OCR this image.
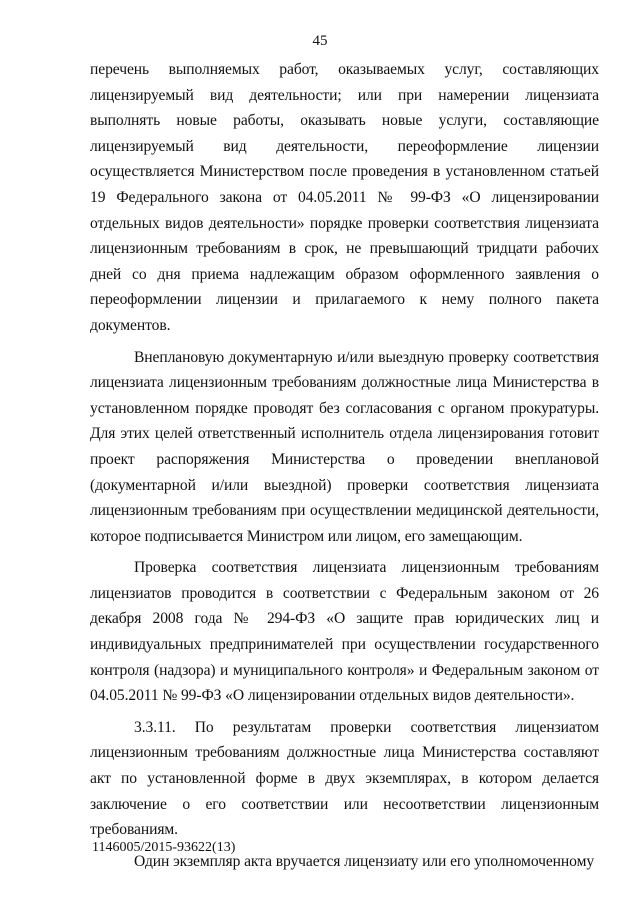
45

перечень выполняемых работ, оказываемых услуг, составляющих лицензируемый вид деятельности; или при намерении лицензиата выполнять новые работы, оказывать новые услуги, составляющие лицензируемый вид деятельности, переоформление лицензии осуществляется Министерством после проведения в установленном статьей 19 Федерального закона от 04.05.2011 № 99-ФЗ «О лицензировании отдельных видов деятельности» порядке проверки соответствия лицензиата лицензионным требованиям в срок, не превышающий тридцати рабочих дней со дня приема надлежащим образом оформленного заявления о переоформлении лицензии и прилагаемого к нему полного пакета документов.

Внеплановую документарную и/или выездную проверку соответствия лицензиата лицензионным требованиям должностные лица Министерства в установленном порядке проводят без согласования с органом прокуратуры. Для этих целей ответственный исполнитель отдела лицензирования готовит проект распоряжения Министерства о проведении внеплановой (документарной и/или выездной) проверки соответствия лицензиата лицензионным требованиям при осуществлении медицинской деятельности, которое подписывается Министром или лицом, его замещающим.

Проверка соответствия лицензиата лицензионным требованиям лицензиатов проводится в соответствии с Федеральным законом от 26 декабря 2008 года № 294-ФЗ «О защите прав юридических лиц и индивидуальных предпринимателей при осуществлении государственного контроля (надзора) и муниципального контроля» и Федеральным законом от 04.05.2011 № 99-ФЗ «О лицензировании отдельных видов деятельности».

3.3.11. По результатам проверки соответствия лицензиатом лицензионным требованиям должностные лица Министерства составляют акт по установленной форме в двух экземплярах, в котором делается заключение о его соответствии или несоответствии лицензионным требованиям.

Один экземпляр акта вручается лицензиату или его уполномоченному

1146005/2015-93622(13)
